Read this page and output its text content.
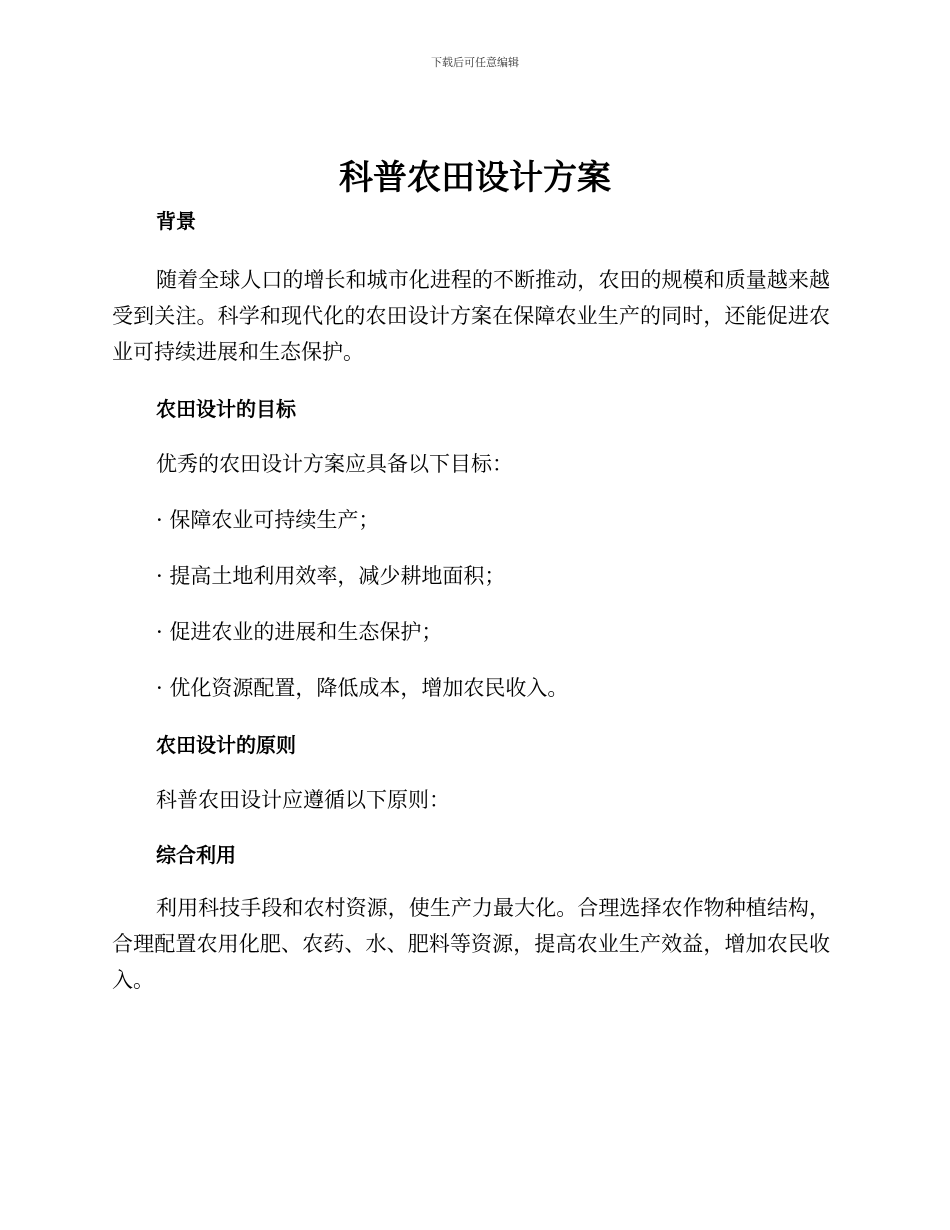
下载后可任意编辑
科普农田设计方案
背景
随着全球人口的增长和城市化进程的不断推动，农田的规模和质量越来越受到关注。科学和现代化的农田设计方案在保障农业生产的同时，还能促进农业可持续进展和生态保护。
农田设计的目标
优秀的农田设计方案应具备以下目标：
· 保障农业可持续生产；
· 提高土地利用效率，减少耕地面积；
· 促进农业的进展和生态保护；
· 优化资源配置，降低成本，增加农民收入。
农田设计的原则
科普农田设计应遵循以下原则：
综合利用
利用科技手段和农村资源，使生产力最大化。合理选择农作物种植结构，合理配置农用化肥、农药、水、肥料等资源，提高农业生产效益，增加农民收入。
